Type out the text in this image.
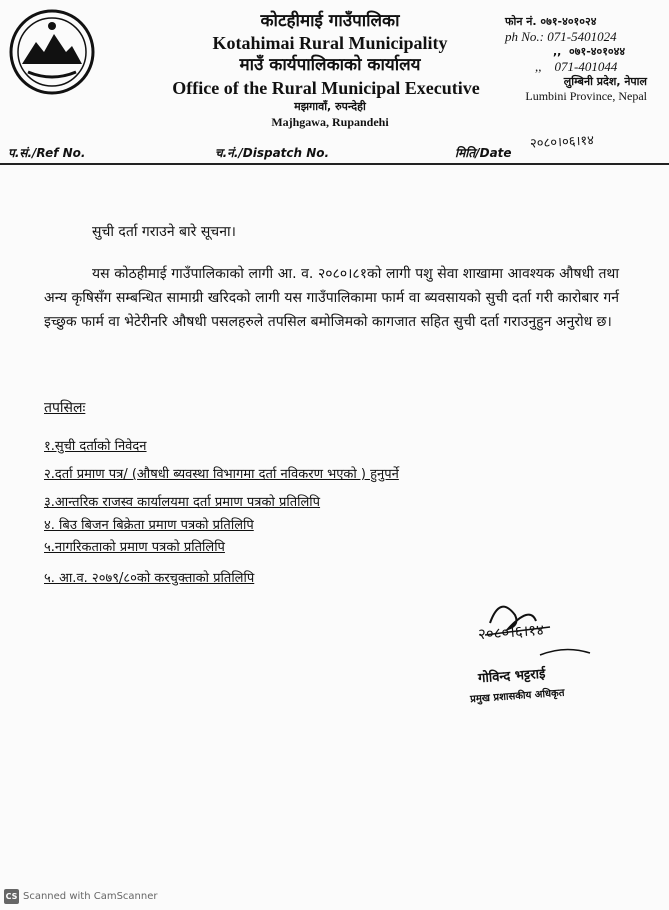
कोटहीमाई गाउँपालिका
Kotahimai Rural Municipality
माउँ कार्यपालिकाको कार्यालय
Office of the Rural Municipal Executive
मझगावाँ, रुपन्देही
Majhgawa, Rupandehi
फोन नं. ०७१-४०१०२४
ph No.: 071-5401024
,,  ०७१-४०१०४४
,,    071-401044
लुम्बिनी प्रदेश, नेपाल
Lumbini Province, Nepal
प.सं./Ref No.	च.नं./Dispatch No.	मिति/Date
२०८०।०६।१४
सुची दर्ता गराउने बारे सूचना।
यस कोठहीमाई गाउँपालिकाको लागी आ. व. २०८०।८१को लागी पशु सेवा शाखामा आवश्यक औषधी तथा अन्य कृषिसँग सम्बन्धित सामाग्री खरिदको लागी यस गाउँपालिकामा फार्म वा ब्यवसायको सुची दर्ता गरी कारोबार गर्न इच्छुक फार्म वा भेटेरीनरि औषधी पसलहरुले तपसिल बमोजिमको कागजात सहित सुची दर्ता गराउनुहुन अनुरोध छ।
तपसिलः
१.सुची दर्ताको निवेदन
२.दर्ता प्रमाण पत्र/ (औषधी ब्यवस्था विभागमा दर्ता नविकरण भएको ) हुनुपर्ने
३.आन्तरिक राजस्व कार्यालयमा दर्ता प्रमाण पत्रको प्रतिलिपि
४. बिउ बिजन बिक्रेता प्रमाण पत्रको प्रतिलिपि
५.नागरिकताको प्रमाण पत्रको प्रतिलिपि
५. आ.व. २०७९/८०को करचुक्ताको प्रतिलिपि
२०८०।६।१४
गोविन्द भट्टराई
प्रमुख प्रशासकीय अधिकृत
CS Scanned with CamScanner
